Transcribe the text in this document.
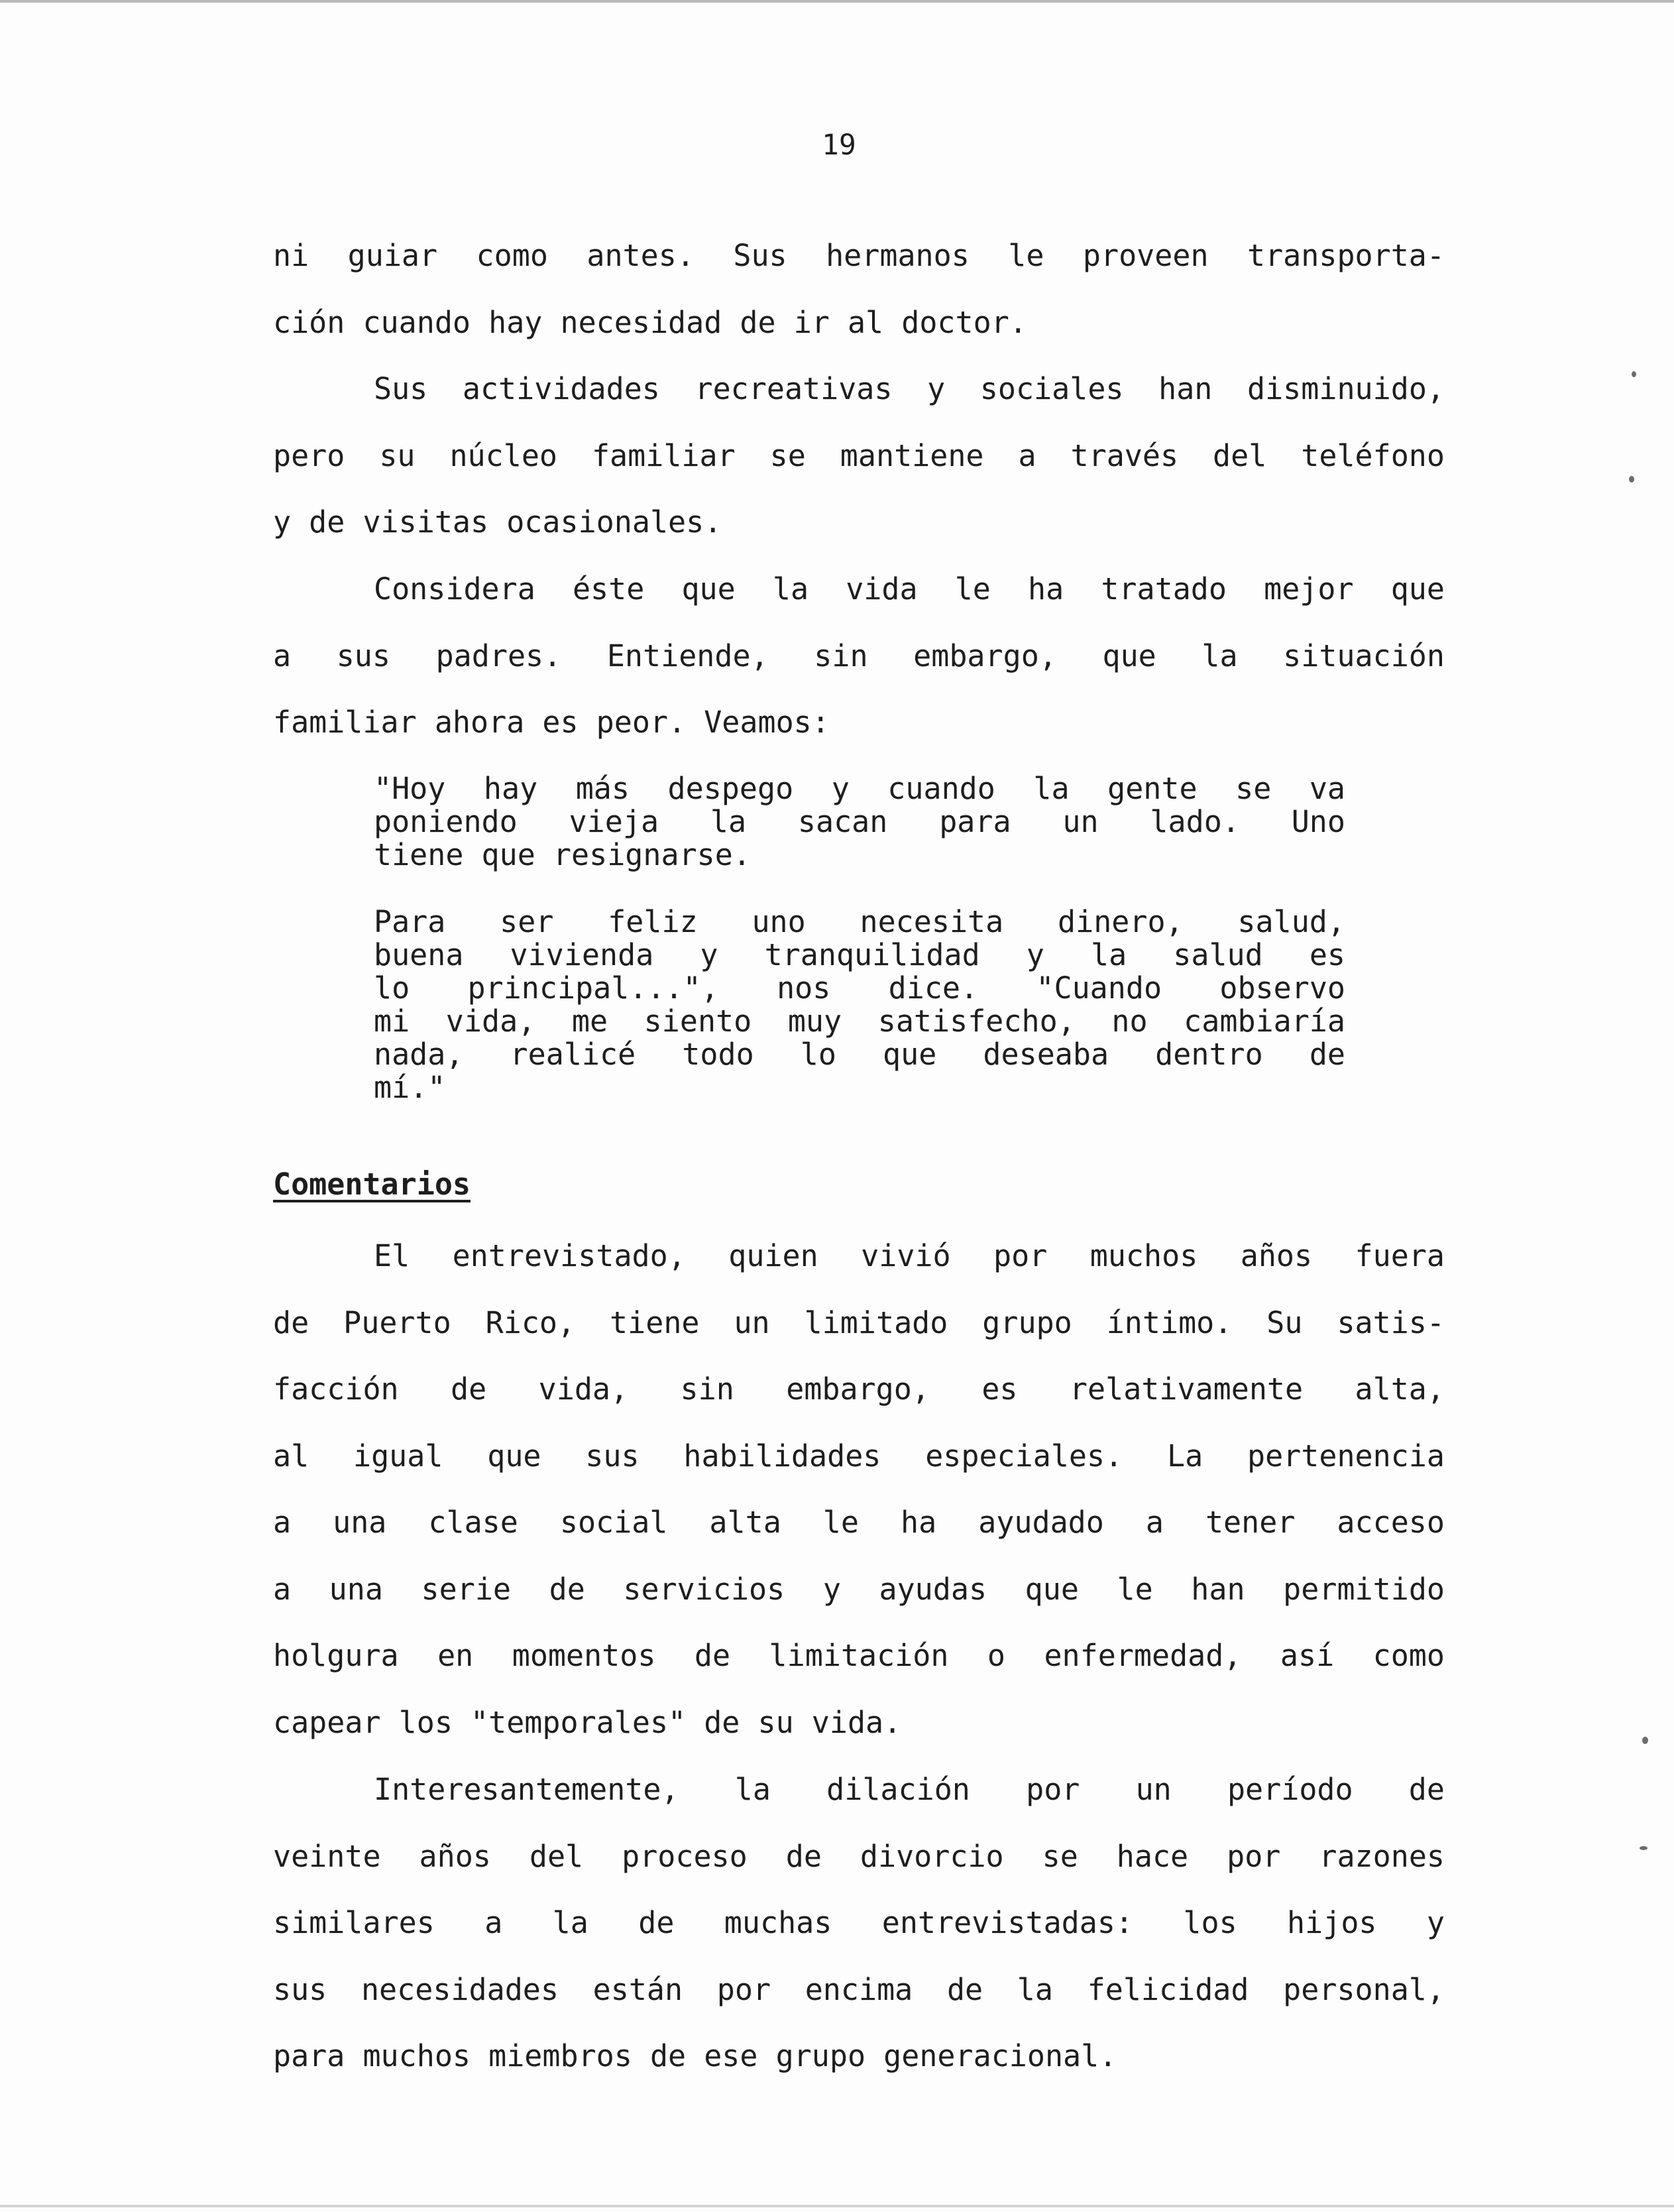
19
ni guiar como antes. Sus hermanos le proveen transporta-
ción cuando hay necesidad de ir al doctor.
Sus actividades recreativas y sociales han disminuido,
pero su núcleo familiar se mantiene a través del teléfono
y de visitas ocasionales.
Considera éste que la vida le ha tratado mejor que
a sus padres. Entiende, sin embargo, que la situación
familiar ahora es peor. Veamos:
"Hoy hay más despego y cuando la gente se va
poniendo vieja la sacan para un lado. Uno
tiene que resignarse.
Para ser feliz uno necesita dinero, salud,
buena vivienda y tranquilidad y la salud es
lo principal...", nos dice. "Cuando observo
mi vida, me siento muy satisfecho, no cambiaría
nada, realicé todo lo que deseaba dentro de
mí."
Comentarios
El entrevistado, quien vivió por muchos años fuera
de Puerto Rico, tiene un limitado grupo íntimo. Su satis-
facción de vida, sin embargo, es relativamente alta,
al igual que sus habilidades especiales. La pertenencia
a una clase social alta le ha ayudado a tener acceso
a una serie de servicios y ayudas que le han permitido
holgura en momentos de limitación o enfermedad, así como
capear los "temporales" de su vida.
Interesantemente, la dilación por un período de
veinte años del proceso de divorcio se hace por razones
similares a la de muchas entrevistadas: los hijos y
sus necesidades están por encima de la felicidad personal,
para muchos miembros de ese grupo generacional.
